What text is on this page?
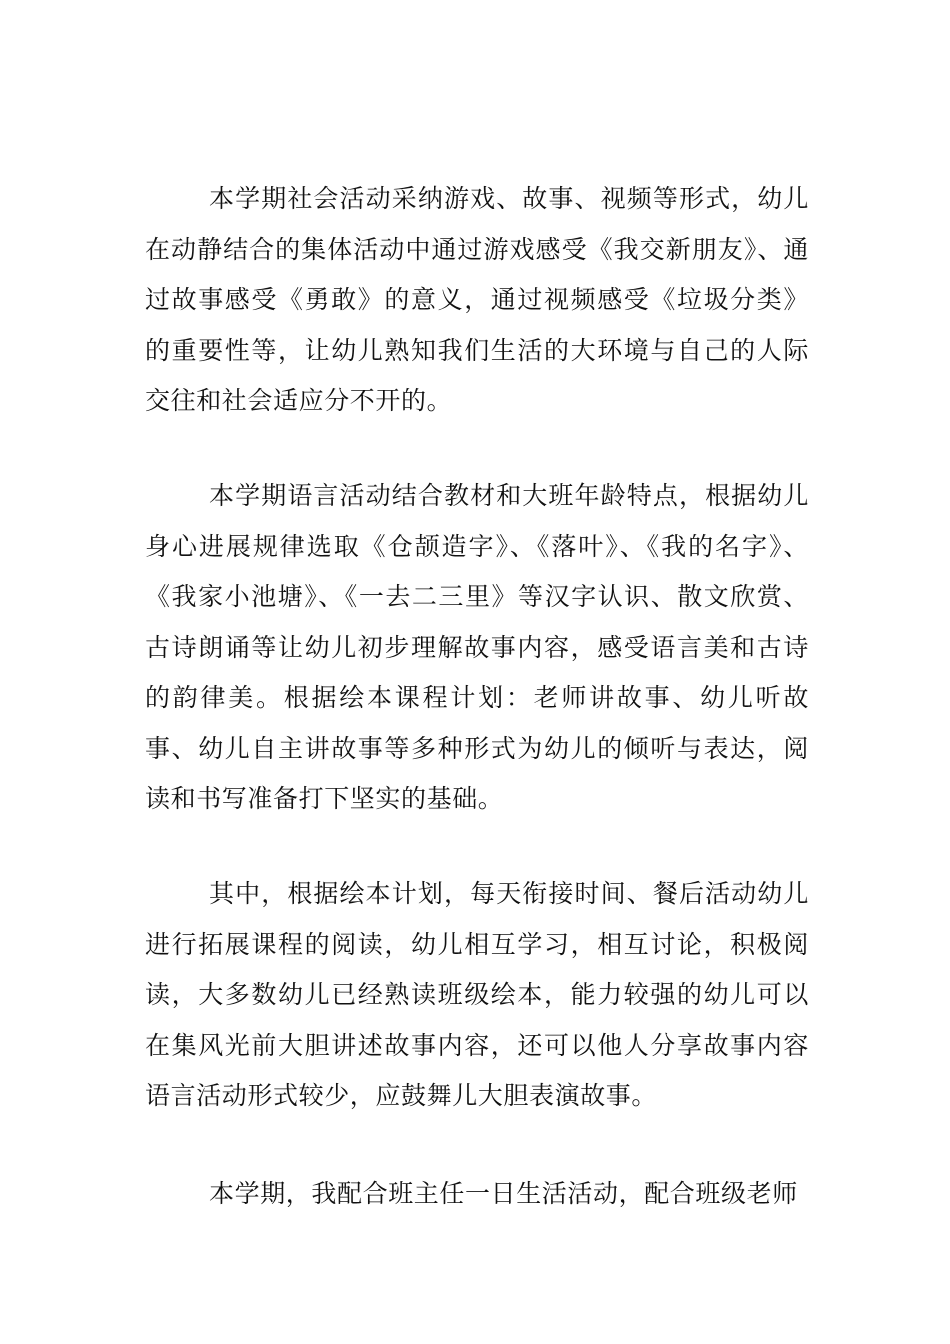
本学期社会活动采纳游戏、故事、视频等形式，幼儿在动静结合的集体活动中通过游戏感受《我交新朋友》、通过故事感受《勇敢》的意义，通过视频感受《垃圾分类》的重要性等，让幼儿熟知我们生活的大环境与自己的人际交往和社会适应分不开的。

本学期语言活动结合教材和大班年龄特点，根据幼儿身心进展规律选取《仓颉造字》、《落叶》、《我的名字》、《我家小池塘》、《一去二三里》等汉字认识、散文欣赏、古诗朗诵等让幼儿初步理解故事内容，感受语言美和古诗的韵律美。根据绘本课程计划：老师讲故事、幼儿听故事、幼儿自主讲故事等多种形式为幼儿的倾听与表达，阅读和书写准备打下坚实的基础。

其中，根据绘本计划，每天衔接时间、餐后活动幼儿进行拓展课程的阅读，幼儿相互学习，相互讨论，积极阅读，大多数幼儿已经熟读班级绘本，能力较强的幼儿可以在集风光前大胆讲述故事内容，还可以他人分享故事内容语言活动形式较少，应鼓舞儿大胆表演故事。

本学期，我配合班主任一日生活活动，配合班级老师
